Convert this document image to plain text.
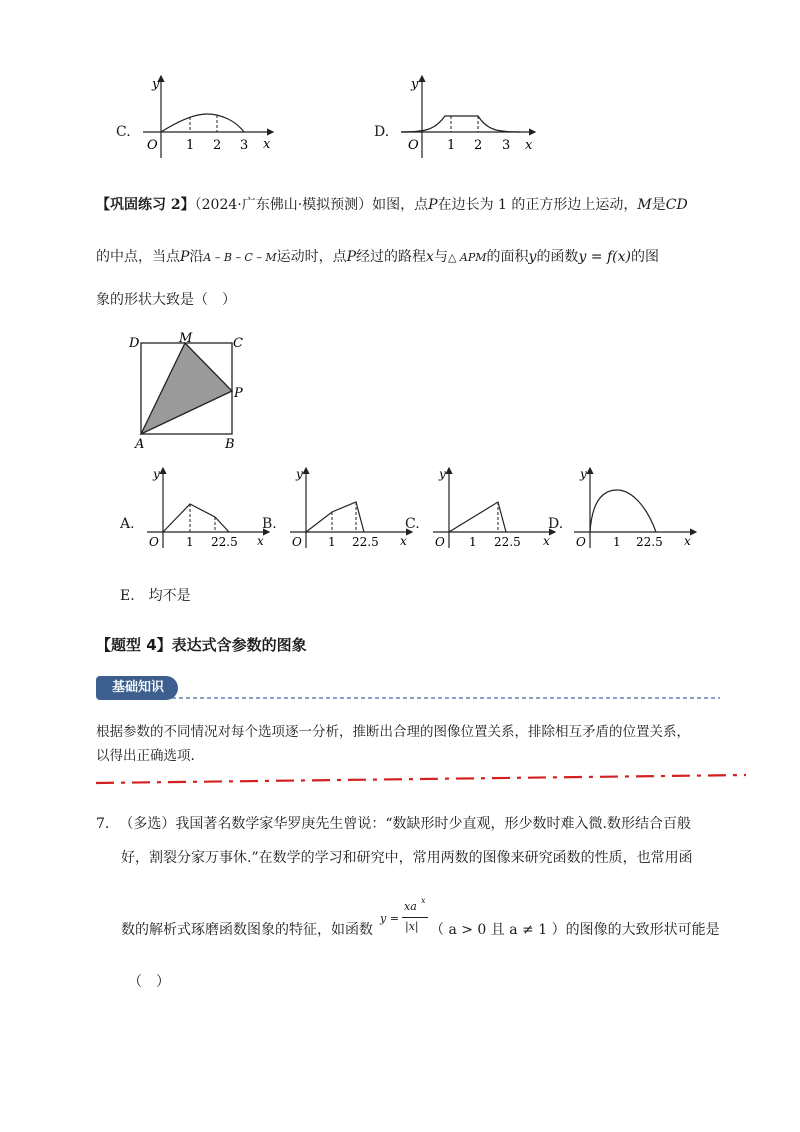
C.
y
x
O 1 2 3
D.
y
x
O 1 2 3
【巩固练习 2】（2024·广东佛山·模拟预测）如图，点P在边长为 1 的正方形边上运动，M是CD
的中点，当点P沿A – B – C – M运动时，点P经过的路程x与△ APM的面积y的函数y = f(x)的图
象的形状大致是（　）
D	M	C
P
A	B
A.	B.	C.	D.
y
x
O 1 22.5
y
x
O 1 22.5
y
x
O 1 22.5
y
x
O 1 22.5
E.　均不是
【题型 4】表达式含参数的图象
基础知识
根据参数的不同情况对每个选项逐一分析，推断出合理的图像位置关系，排除相互矛盾的位置关系，
以得出正确选项.
7. （多选）我国著名数学家华罗庚先生曾说：“数缺形时少直观，形少数时难入微.数形结合百般
好，割裂分家万事休.”在数学的学习和研究中，常用两数的图像来研究函数的性质，也常用函
数的解析式琢磨函数图象的特征，如函数
y =
xa x
|x| （ a > 0 且 a ≠ 1 ）的图像的大致形状可能是
（　）
